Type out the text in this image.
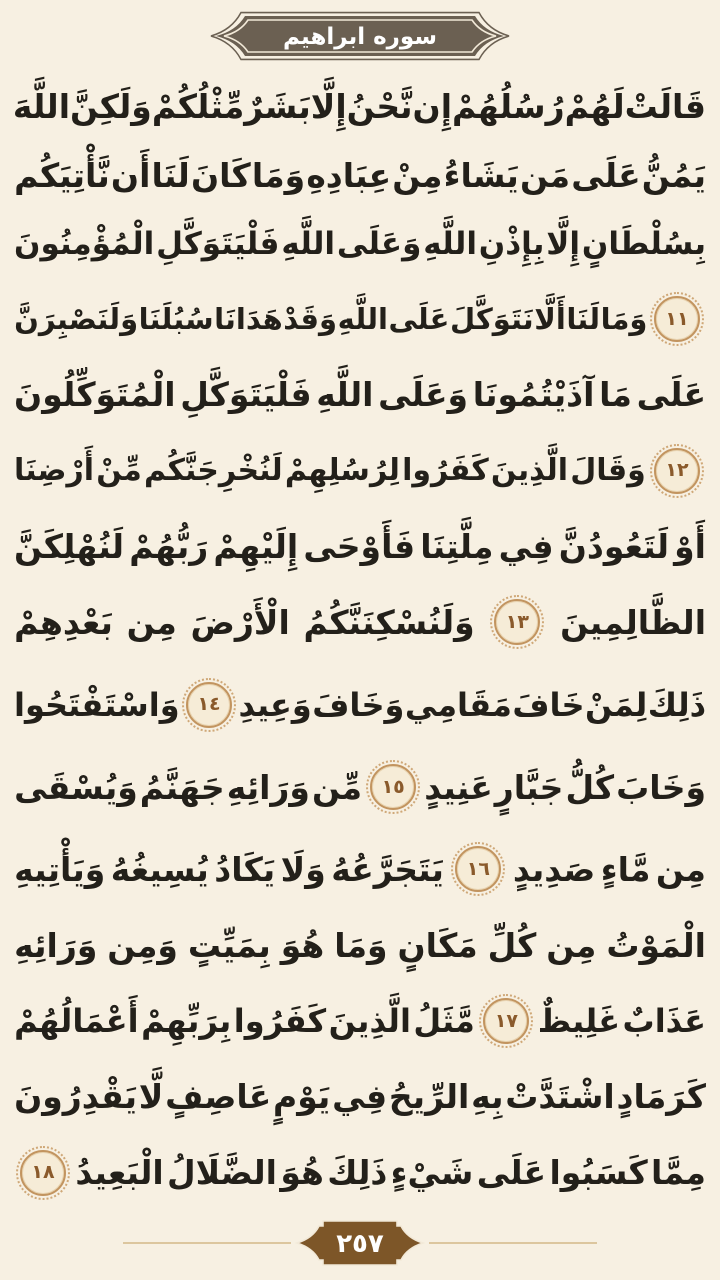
سوره ابراهيم
قَالَتْ
لَهُمْ
رُسُلُهُمْ
إِن
نَّحْنُ
إِلَّا
بَشَرٌ
مِّثْلُكُمْ
وَلَكِنَّ
اللَّهَ
يَمُنُّ
عَلَى
مَن
يَشَاءُ
مِنْ
عِبَادِهِ
وَمَا
كَانَ
لَنَا
أَن
نَّأْتِيَكُم
بِسُلْطَانٍ
إِلَّا
بِإِذْنِ
اللَّهِ
وَعَلَى
اللَّهِ
فَلْيَتَوَكَّلِ
الْمُؤْمِنُونَ
١١
وَمَا
لَنَا
أَلَّا
نَتَوَكَّلَ
عَلَى
اللَّهِ
وَقَدْ
هَدَانَا
سُبُلَنَا
وَلَنَصْبِرَنَّ
عَلَى
مَا
آذَيْتُمُونَا
وَعَلَى
اللَّهِ
فَلْيَتَوَكَّلِ
الْمُتَوَكِّلُونَ
١٢
وَقَالَ
الَّذِينَ
كَفَرُوا
لِرُسُلِهِمْ
لَنُخْرِجَنَّكُم
مِّنْ
أَرْضِنَا
أَوْ
لَتَعُودُنَّ
فِي
مِلَّتِنَا
فَأَوْحَى
إِلَيْهِمْ
رَبُّهُمْ
لَنُهْلِكَنَّ
الظَّالِمِينَ
١٣
وَلَنُسْكِنَنَّكُمُ
الْأَرْضَ
مِن
بَعْدِهِمْ
ذَلِكَ
لِمَنْ
خَافَ
مَقَامِي
وَخَافَ
وَعِيدِ
١٤
وَاسْتَفْتَحُوا
وَخَابَ
كُلُّ
جَبَّارٍ
عَنِيدٍ
١٥
مِّن
وَرَائِهِ
جَهَنَّمُ
وَيُسْقَى
مِن
مَّاءٍ
صَدِيدٍ
١٦
يَتَجَرَّعُهُ
وَلَا
يَكَادُ
يُسِيغُهُ
وَيَأْتِيهِ
الْمَوْتُ
مِن
كُلِّ
مَكَانٍ
وَمَا
هُوَ
بِمَيِّتٍ
وَمِن
وَرَائِهِ
عَذَابٌ
غَلِيظٌ
١٧
مَّثَلُ
الَّذِينَ
كَفَرُوا
بِرَبِّهِمْ
أَعْمَالُهُمْ
كَرَمَادٍ
اشْتَدَّتْ
بِهِ
الرِّيحُ
فِي
يَوْمٍ
عَاصِفٍ
لَّا
يَقْدِرُونَ
مِمَّا
كَسَبُوا
عَلَى
شَيْءٍ
ذَلِكَ
هُوَ
الضَّلَالُ
الْبَعِيدُ
١٨
٢٥٧
